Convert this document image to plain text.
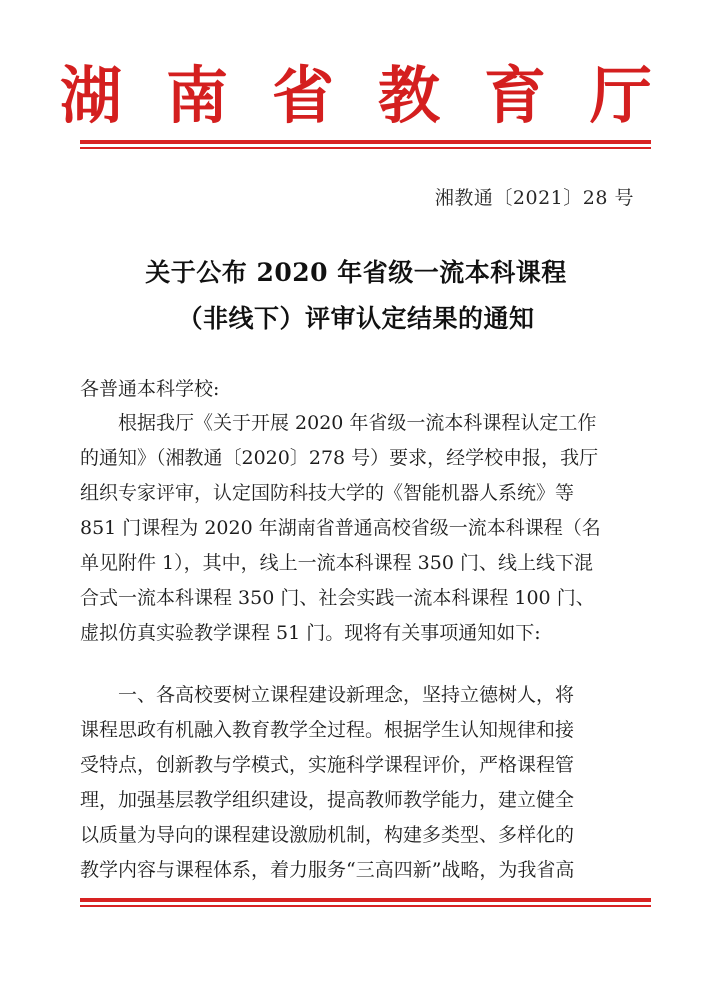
湖 南 省 教 育 厅
湘教通〔2021〕28 号
关于公布 2020 年省级一流本科课程
（非线下）评审认定结果的通知
各普通本科学校:
　　根据我厅《关于开展 2020 年省级一流本科课程认定工作
的通知》（湘教通〔2020〕278 号）要求，经学校申报，我厅
组织专家评审，认定国防科技大学的《智能机器人系统》等
851 门课程为 2020 年湖南省普通高校省级一流本科课程（名
单见附件 1），其中，线上一流本科课程 350 门、线上线下混
合式一流本科课程 350 门、社会实践一流本科课程 100 门、
虚拟仿真实验教学课程 51 门。现将有关事项通知如下:
　　一、各高校要树立课程建设新理念，坚持立德树人，将
课程思政有机融入教育教学全过程。根据学生认知规律和接
受特点，创新教与学模式，实施科学课程评价，严格课程管
理，加强基层教学组织建设，提高教师教学能力，建立健全
以质量为导向的课程建设激励机制，构建多类型、多样化的
教学内容与课程体系，着力服务“三高四新”战略，为我省高
